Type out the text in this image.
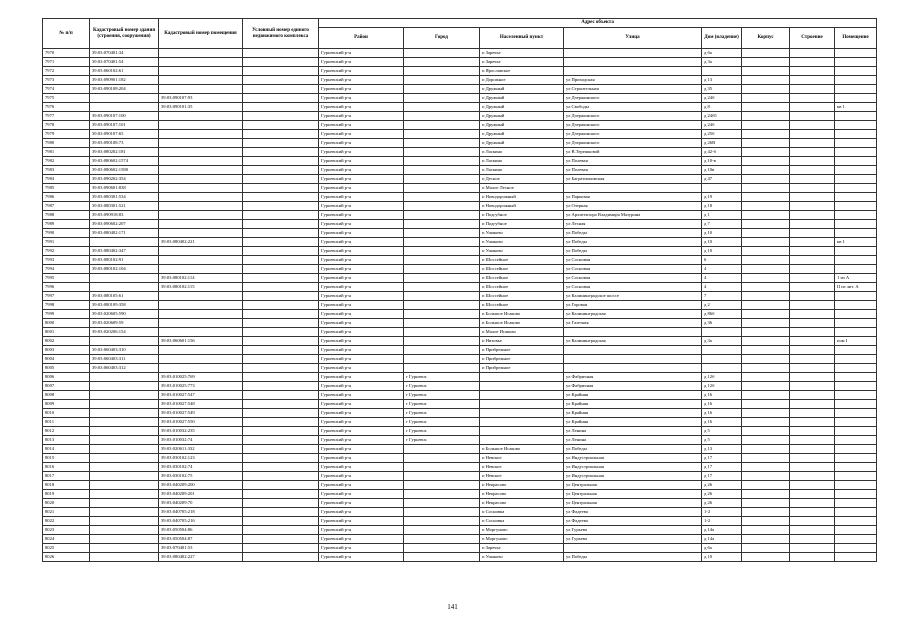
№ п/п	Кадастровый номер здания (строения, сооружения)	Кадастровый номер помещения	Условный номер единого недвижимого комплекса	Адрес объекта							
				Район	Город	Населенный пункт	Улица	Дом (владение)	Корпус	Строение	Помещение
7970	39:03:070401:34			Гурьевский р-н		п Заречье		д 6а			
7971	39:03:070401:54			Гурьевский р-н		п Заречье		д 3а			
7972	39:03:060102:61			Гурьевский р-н		п Ярославское					
7973	39:03:090901:182			Гурьевский р-н		п Дорожное	ул Приходская	д 13			
7974	39:03:090108:204			Гурьевский р-н		п Дружный	ул Строительная	д 35			
7975		39:03:090107:93		Гурьевский р-н		п Дружный	ул Дзержинского	д 24б			
7976		39:03:090101:35		Гурьевский р-н		п Дружный	ул Свободы	д 8			кв 1
7977	39:03:090107:100			Гурьевский р-н		п Дружный	ул Дзержинского	д 24б5			
7978	39:03:090107:101			Гурьевский р-н		п Дружный	ул Дзержинского	д 24б			
7979	39:03:090107:65			Гурьевский р-н		п Дружный	ул Дзержинского	д 25б			
7980	39:03:090108:73			Гурьевский р-н		п Дружный	ул Дзержинского	д 26В			
7981	39:03:080202:181			Гурьевский р-н		п Ласкино	ул В.Терешковой	д 42-б			
7982	39:03:080602:1574			Гурьевский р-н		п Ласкино	ул Полевая	д 10-в			
7983	39:03:080602:1580			Гурьевский р-н		п Ласкино	ул Полевая	д 10в			
7984	39:03:090202:354			Гурьевский р-н		п Десное	ул Багратионовская	д 47			
7985	39:03:090601:838			Гурьевский р-н		п Малое Лесное					
7986	39:03:080301:534			Гурьевский р-н		п Новодорожный	ул Парковая	д 19			
7987	39:03:080301:521			Гурьевский р-н		п Новодорожный	ул Озерная	д 18			
7988	39:03:090918:83			Гурьевский р-н		п Подгубное	ул Архитектора Владимира Мазурина	д 1			
7989	39:03:090602:207			Гурьевский р-н		п Подгубное	ул Лесная	д 7			
7990	39:03:080402:171			Гурьевский р-н		п Ушаково	ул Победы	д 10			
7991		39:03:080402:221		Гурьевский р-н		п Ушаково	ул Победы	д 10			кв 1
7992	39:03:080402:347			Гурьевский р-н		п Ушаково	ул Победы	д 10			
7993	39:03:080102:91			Гурьевский р-н		п Шоссейное	ул Сосновая	6			
7994	39:03:080102:104			Гурьевский р-н		п Шоссейное	ул Сосновая	4			
7995		39:03:080102:114		Гурьевский р-н		п Шоссейное	ул Сосновая	4			1 из А
7996		39:03:080102:115		Гурьевский р-н		п Шоссейное	ул Сосновая	4			II из лит. А
7997	39:03:080105:61			Гурьевский р-н		п Шоссейное	ул Калининградское шоссе	7			
7998	39:03:080109:358			Гурьевский р-н		п Шоссейное	ул Горовая	д 2			
7999	39:03:020605:590			Гурьевский р-н		п Большое Исаково	ул Калининградская	д 86б			
8000	39:03:020609:59			Гурьевский р-н		п Большое Исаково	ул Газетная	д 36			
8001	39:03:020206:154			Гурьевский р-н		п Малое Исаково					
8002		39:03:060601:156		Гурьевский р-н		п Низовье	ул Калининградская	д 3а			пом I
8003	39:03:060403:310			Гурьевский р-н		п Прибрежное					
8004	39:03:060403:311			Гурьевский р-н		п Прибрежное					
8005	39:03:060403:312			Гурьевский р-н		п Прибрежное					
8006		39:03:010025:769		Гурьевский р-н	г Гурьевск		ул Фабричная	д 12б			
8007		39:03:010025:773		Гурьевский р-н	г Гурьевск		ул Фабричная	д 12б			
8008		39:03:010027:547		Гурьевский р-н	г Гурьевск		ул Крайняя	д 16			
8009		39:03:010027:548		Гурьевский р-н	г Гурьевск		ул Крайняя	д 16			
8010		39:03:010027:549		Гурьевский р-н	г Гурьевск		ул Крайняя	д 16			
8011		39:03:010027:550		Гурьевский р-н	г Гурьевск		ул Крайняя	д 16			
8012		39:03:010032:235		Гурьевский р-н	г Гурьевск		ул Ленина	д 5			
8013		39:03:010032:74		Гурьевский р-н	г Гурьевск		ул Ленина	д 5			
8014		39:03:020611:332		Гурьевский р-н		п Большое Исаково	ул Победы	д 13			
8015		39:03:030102:123		Гурьевский р-н		п Невское	ул Индустриальная	д 17			
8016		39:03:030102:74		Гурьевский р-н		п Невское	ул Индустриальная	д 17			
8017		39:03:030102:75		Гурьевский р-н		п Невское	ул Индустриальная	д 17			
8018		39:03:040209:200		Гурьевский р-н		п Некрасово	ул Центральная	д 26			
8019		39:03:040209:201		Гурьевский р-н		п Некрасово	ул Центральная	д 26			
8020		39:03:040209:70		Гурьевский р-н		п Некрасово	ул Центральная	д 26			
8021		39:03:040705:218		Гурьевский р-н		п Сосновка	ул Фадеева	1-2			
8022		39:03:040705:216		Гурьевский р-н		п Сосновка	ул Фадеева	1-2			
8023		39:03:050504:86		Гурьевский р-н		п Моргуново	ул Гурьева	д 14а			
8024		39:03:050504:87		Гурьевский р-н		п Моргуново	ул Гурьева	д 14а			
8025		39:03:070401:53		Гурьевский р-н		п Заречье		д 6а			
8026		39:03:080402:227		Гурьевский р-н		п Ушаково	ул Победы	д 10			
141
